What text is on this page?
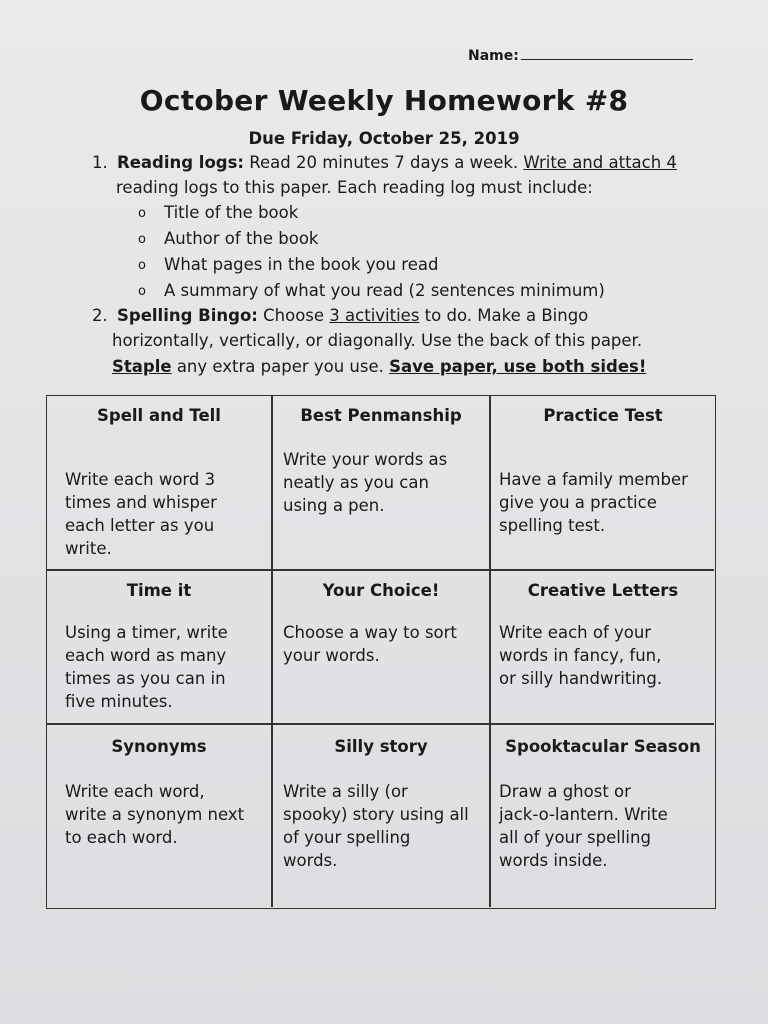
Name:
October Weekly Homework #8
Due Friday, October 25, 2019
1. Reading logs: Read 20 minutes 7 days a week. Write and attach 4
reading logs to this paper. Each reading log must include:
o Title of the book
o Author of the book
o What pages in the book you read
o A summary of what you read (2 sentences minimum)
2. Spelling Bingo: Choose 3 activities to do. Make a Bingo
horizontally, vertically, or diagonally. Use the back of this paper.
Staple any extra paper you use. Save paper, use both sides!
Spell and Tell
Write each word 3
times and whisper
each letter as you
write.
Best Penmanship
Write your words as
neatly as you can
using a pen.
Practice Test
Have a family member
give you a practice
spelling test.
Time it
Using a timer, write
each word as many
times as you can in
five minutes.
Your Choice!
Choose a way to sort
your words.
Creative Letters
Write each of your
words in fancy, fun,
or silly handwriting.
Synonyms
Write each word,
write a synonym next
to each word.
Silly story
Write a silly (or
spooky) story using all
of your spelling
words.
Spooktacular Season
Draw a ghost or
jack-o-lantern. Write
all of your spelling
words inside.
